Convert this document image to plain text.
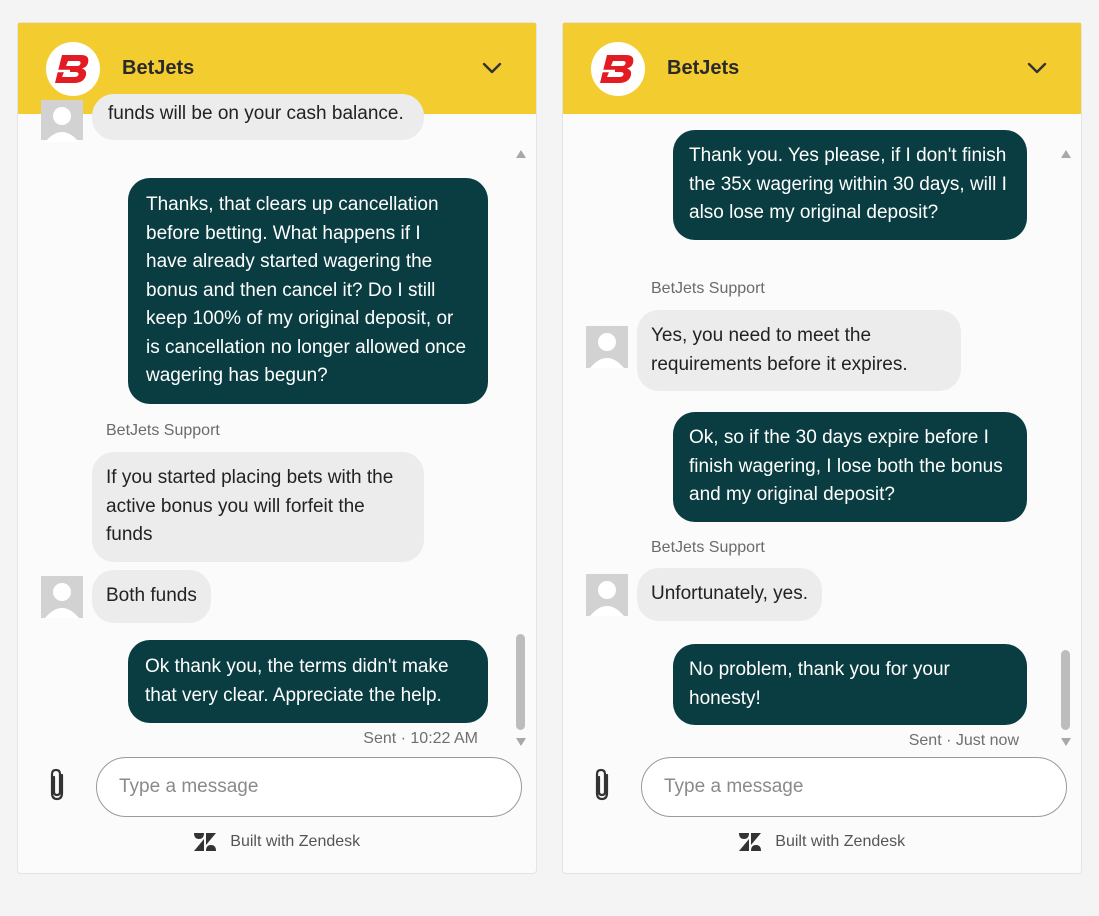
BetJets
funds will be on your cash balance.
Thanks, that clears up cancellation
before betting. What happens if I
have already started wagering the
bonus and then cancel it? Do I still
keep 100% of my original deposit, or
is cancellation no longer allowed once
wagering has begun?
BetJets Support
If you started placing bets with the
active bonus you will forfeit the
funds
Both funds
Ok thank you, the terms didn't make
that very clear. Appreciate the help.
Sent · 10:22 AM
Type a message
Built with Zendesk
BetJets
Thank you. Yes please, if I don't finish
the 35x wagering within 30 days, will I
also lose my original deposit?
BetJets Support
Yes, you need to meet the
requirements before it expires.
Ok, so if the 30 days expire before I
finish wagering, I lose both the bonus
and my original deposit?
BetJets Support
Unfortunately, yes.
No problem, thank you for your
honesty!
Sent · Just now
Type a message
Built with Zendesk
